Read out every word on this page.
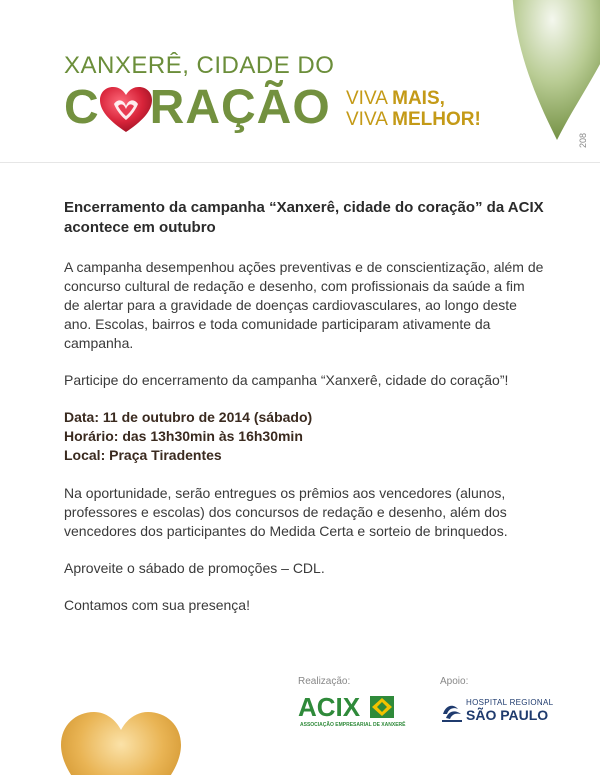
XANXERÊ, CIDADE DO
C RAÇÃO VIVA MAIS,
VIVA MELHOR!
208
Encerramento da campanha “Xanxerê, cidade do coração” da ACIX acontece em outubro

A campanha desempenhou ações preventivas e de conscientização, além de concurso cultural de redação e desenho, com profissionais da saúde a fim de alertar para a gravidade de doenças cardiovasculares, ao longo deste ano. Escolas, bairros e toda comunidade participaram ativamente da campanha.

Participe do encerramento da campanha “Xanxerê, cidade do coração”!

Data: 11 de outubro de 2014 (sábado)
Horário: das 13h30min às 16h30min
Local: Praça Tiradentes

Na oportunidade, serão entregues os prêmios aos vencedores (alunos, professores e escolas) dos concursos de redação e desenho, além dos vencedores dos participantes do Medida Certa e sorteio de brinquedos.

Aproveite o sábado de promoções – CDL.

Contamos com sua presença!

Realização:	Apoio:
ACIX
ASSOCIAÇÃO EMPRESARIAL DE XANXERÊ
HOSPITAL REGIONAL
SÃO PAULO
